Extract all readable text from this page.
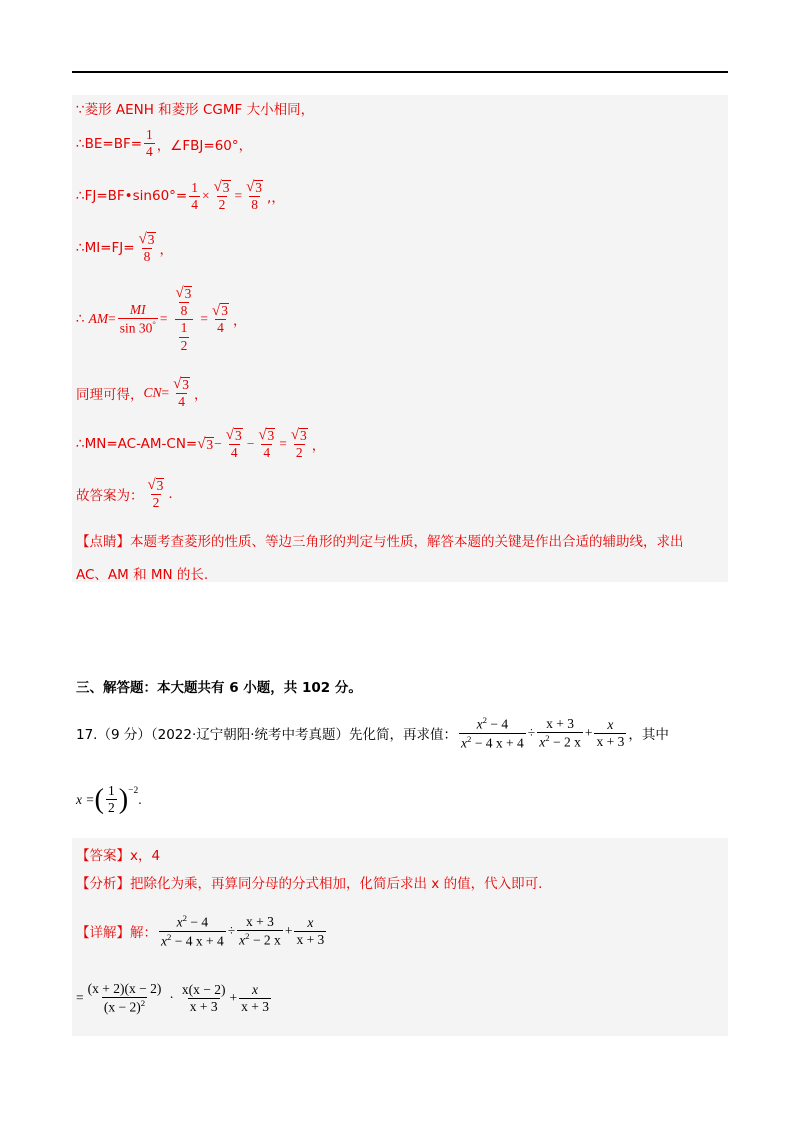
∵菱形 AENH 和菱形 CGMF 大小相同，
∴BE=BF= $\frac{1}{4}$ ，∠FBJ=60°，
∴FJ=BF•sin60°= $\frac{1}{4} \times \frac{√ 3}{2} = \frac{√ 3}{8}$ ,，
∴MI=FJ= $\frac{√ 3}{8}$ ，
∴ AM = $\frac{MI}{\sin 30^\circ} = \frac{\frac{√ 3}{8}}{\frac{1}{2}} = \frac{√ 3}{4}$ ，
同理可得， CN = $\frac{√ 3}{4}$ ，
∴MN=AC-AM-CN= √ $3 - \frac{√ 3}{4} - \frac{√ 3}{4} = \frac{√ 3}{2}$ ，
故答案为： $\frac{√ 3}{2}$ .
【点睛】本题考查菱形的性质、等边三角形的判定与性质，解答本题的关键是作出合适的辅助线，求出
AC、AM 和 MN 的长.
三、解答题：本大题共有 6 小题，共 102 分。
17.（9 分）（2022·辽宁朝阳·统考中考真题）先化简，再求值： $\frac{x^2 - 4}{x^2 - 4 x + 4} \div \frac{x + 3}{x^2 - 2 x} + \frac{x}{x + 3}$ ，其中
x = ( $\frac{1}{2}$ ) −2
.
【答案】 x，4
【分析】把除化为乘，再算同分母的分式相加，化简后求出 x 的值，代入即可.
【详解】解： $\frac{x^2 - 4}{x^2 - 4 x + 4} \div \frac{x + 3}{x^2 - 2 x} + \frac{x}{x + 3}$
= $\frac{(x + 2)(x - 2)}{(x - 2)^2} \cdot \frac{x(x - 2)}{x + 3} + \frac{x}{x + 3}$
